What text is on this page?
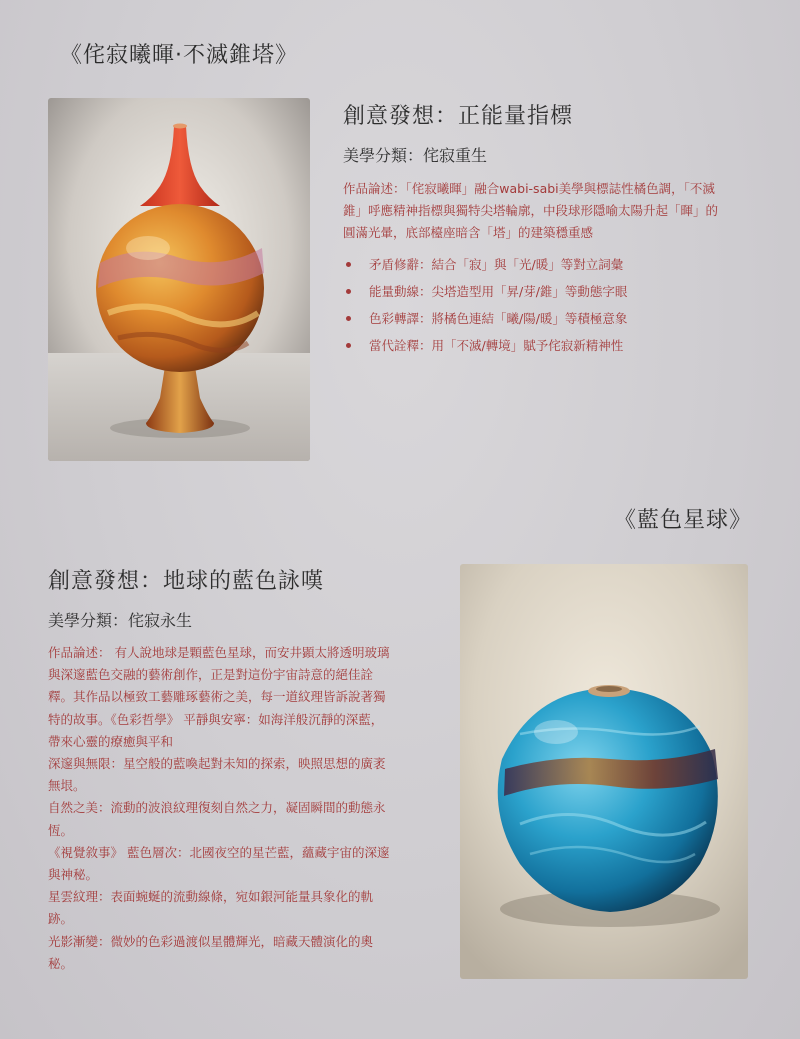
《侘寂曦暉·不滅錐塔》
創意發想：正能量指標
美學分類：侘寂重生

作品論述：「侘寂曦暉」融合wabi-sabi美學與標誌性橘色調，「不滅

錐」呼應精神指標與獨特尖塔輪廓，中段球形隱喻太陽升起「暉」的

圓滿光暈，底部檯座暗含「塔」的建築穩重感

矛盾修辭：結合「寂」與「光/暖」等對立詞彙
能量動線：尖塔造型用「昇/芽/錐」等動態字眼
色彩轉譯：將橘色連結「曦/陽/暖」等積極意象
當代詮釋：用「不滅/轉境」賦予侘寂新精神性
《藍色星球》
創意發想：地球的藍色詠嘆
美學分類：侘寂永生

作品論述： 有人說地球是顆藍色星球，而安井顕太將透明玻璃

與深邃藍色交融的藝術創作，正是對這份宇宙詩意的絕佳詮

釋。其作品以極致工藝雕琢藝術之美，每一道紋理皆訴說著獨

特的故事。《色彩哲學》 平靜與安寧：如海洋般沉靜的深藍，

帶來心靈的療癒與平和

深邃與無限：星空般的藍喚起對未知的探索，映照思想的廣袤

無垠。

自然之美：流動的波浪紋理復刻自然之力，凝固瞬間的動態永

恆。

《視覺敘事》 藍色層次：北國夜空的星芒藍，蘊藏宇宙的深邃

與神秘。

星雲紋理：表面蜿蜒的流動線條，宛如銀河能量具象化的軌

跡。

光影漸變：微妙的色彩過渡似星體輝光，暗藏天體演化的奧

秘。
